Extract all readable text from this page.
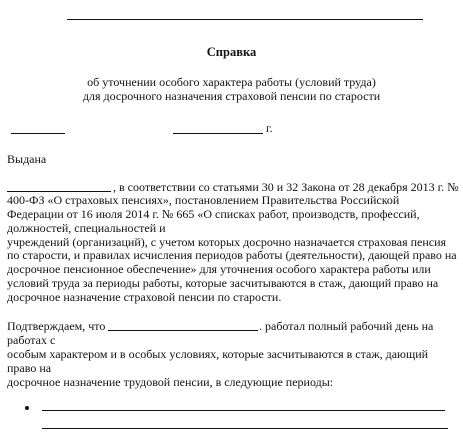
Справка
об уточнении особого характера работы (условий труда)
для досрочного назначения страховой пенсии по старости
г.
Выдана
, в соответствии со статьями 30 и 32 Закона от 28 декабря 2013 г. №
400-ФЗ «О страховых пенсиях», постановлением Правительства Российской
Федерации от 16 июля 2014 г. № 665 «О списках работ, производств, профессий,
должностей, специальностей и
учреждений (организаций), с учетом которых досрочно назначается страховая пенсия
по старости, и правилах исчисления периодов работы (деятельности), дающей право на
досрочное пенсионное обеспечение» для уточнения особого характера работы или
условий труда за периоды работы, которые засчитываются в стаж, дающий право на
досрочное назначение страховой пенсии по старости.
Подтверждаем, что	. работал полный рабочий день на
работах с
особым характером и в особых условиях, которые засчитываются в стаж, дающий
право на
досрочное назначение трудовой пенсии, в следующие периоды:
